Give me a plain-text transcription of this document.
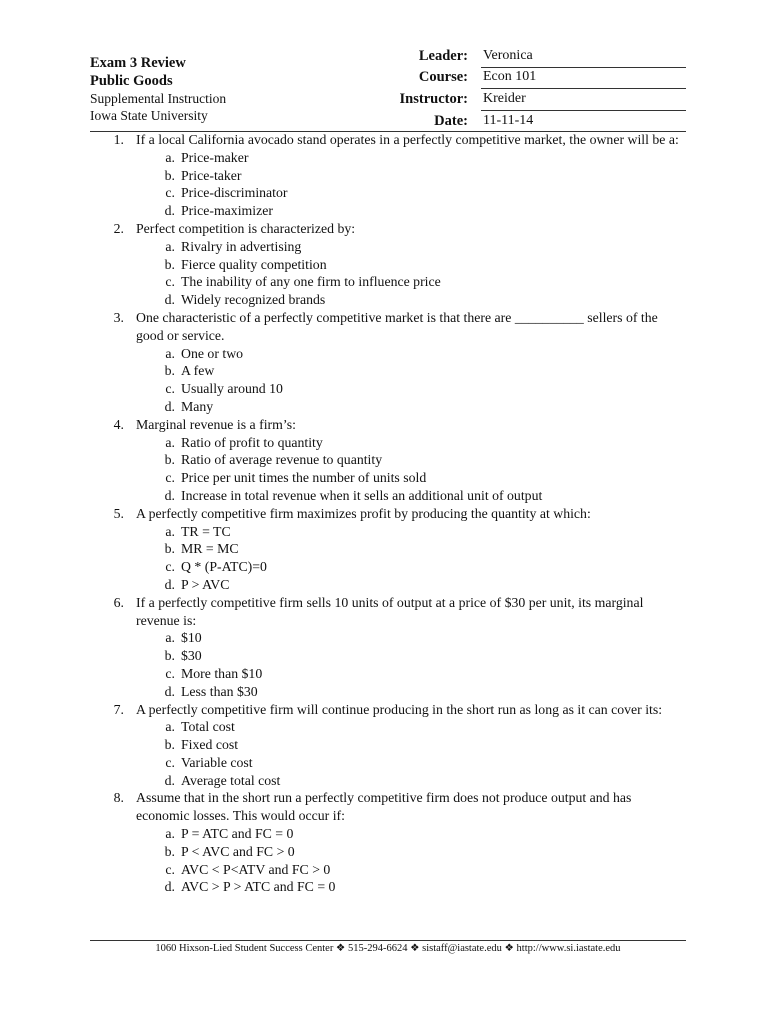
Exam 3 Review
Public Goods
Supplemental Instruction
Iowa State University
Leader: Veronica
Course: Econ 101
Instructor: Kreider
Date: 11-11-14
1. If a local California avocado stand operates in a perfectly competitive market, the owner will be a:
a. Price-maker
b. Price-taker
c. Price-discriminator
d. Price-maximizer
2. Perfect competition is characterized by:
a. Rivalry in advertising
b. Fierce quality competition
c. The inability of any one firm to influence price
d. Widely recognized brands
3. One characteristic of a perfectly competitive market is that there are __________ sellers of the good or service.
a. One or two
b. A few
c. Usually around 10
d. Many
4. Marginal revenue is a firm’s:
a. Ratio of profit to quantity
b. Ratio of average revenue to quantity
c. Price per unit times the number of units sold
d. Increase in total revenue when it sells an additional unit of output
5. A perfectly competitive firm maximizes profit by producing the quantity at which:
a. TR = TC
b. MR = MC
c. Q * (P-ATC)=0
d. P > AVC
6. If a perfectly competitive firm sells 10 units of output at a price of $30 per unit, its marginal revenue is:
a. $10
b. $30
c. More than $10
d. Less than $30
7. A perfectly competitive firm will continue producing in the short run as long as it can cover its:
a. Total cost
b. Fixed cost
c. Variable cost
d. Average total cost
8. Assume that in the short run a perfectly competitive firm does not produce output and has economic losses. This would occur if:
a. P = ATC and FC = 0
b. P < AVC and FC > 0
c. AVC < P<ATV and FC > 0
d. AVC > P > ATC and FC = 0
1060 Hixson-Lied Student Success Center ❖ 515-294-6624 ❖ sistaff@iastate.edu ❖ http://www.si.iastate.edu
